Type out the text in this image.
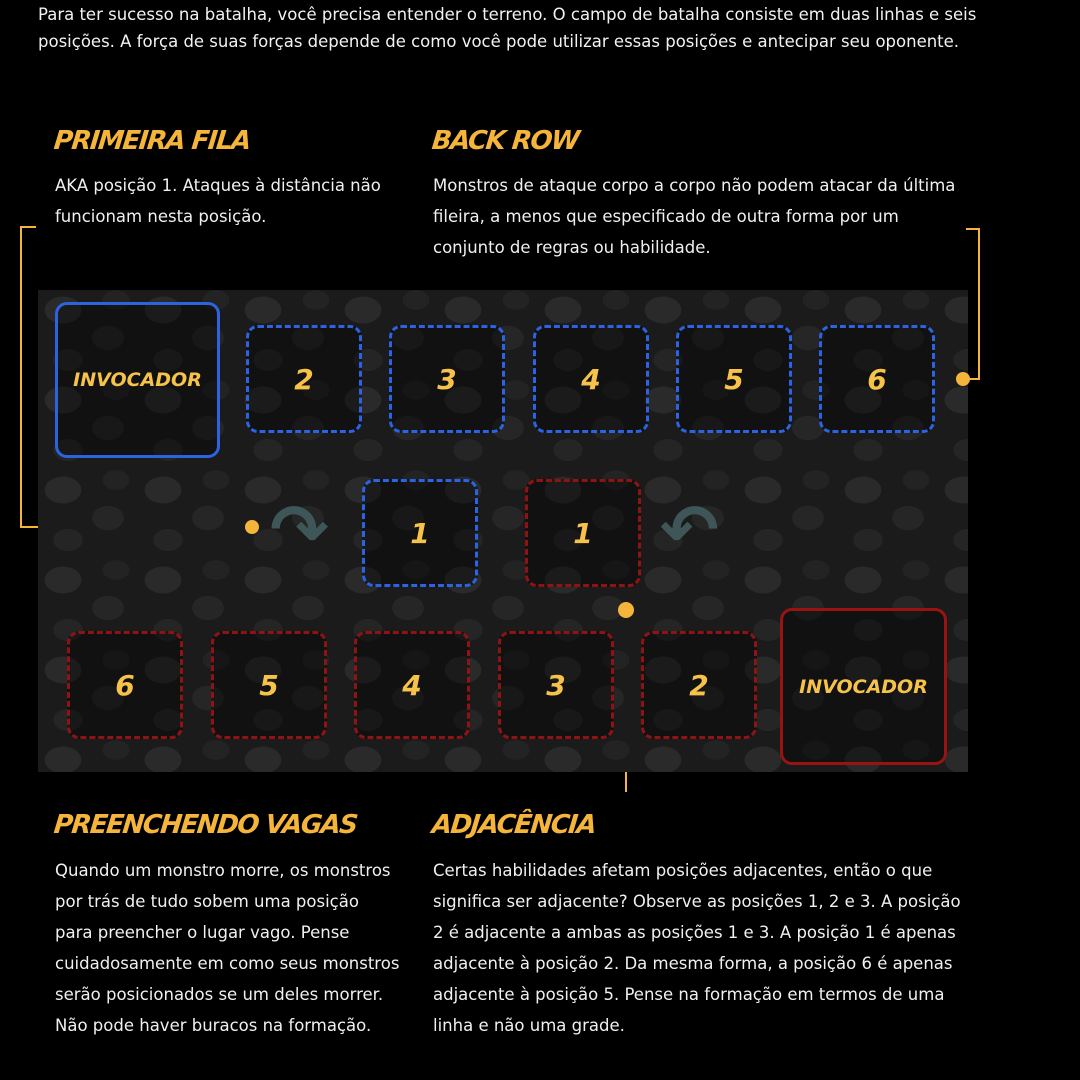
Para ter sucesso na batalha, você precisa entender o terreno. O campo de batalha consiste em duas linhas e seis posições. A força de suas forças depende de como você pode utilizar essas posições e antecipar seu oponente.

PRIMEIRA FILA

AKA posição 1. Ataques à distância não funcionam nesta posição.

BACK ROW

Monstros de ataque corpo a corpo não podem atacar da última fileira, a menos que especificado de outra forma por um conjunto de regras ou habilidade.

INVOCADOR	2	3	4	5	6
1	1
↷	↶
6	5	4	3	2	INVOCADOR
PREENCHENDO VAGAS

Quando um monstro morre, os monstros por trás de tudo sobem uma posição para preencher o lugar vago. Pense cuidadosamente em como seus monstros serão posicionados se um deles morrer. Não pode haver buracos na formação.

ADJACÊNCIA

Certas habilidades afetam posições adjacentes, então o que significa ser adjacente? Observe as posições 1, 2 e 3. A posição 2 é adjacente a ambas as posições 1 e 3. A posição 1 é apenas adjacente à posição 2. Da mesma forma, a posição 6 é apenas adjacente à posição 5. Pense na formação em termos de uma linha e não uma grade.
